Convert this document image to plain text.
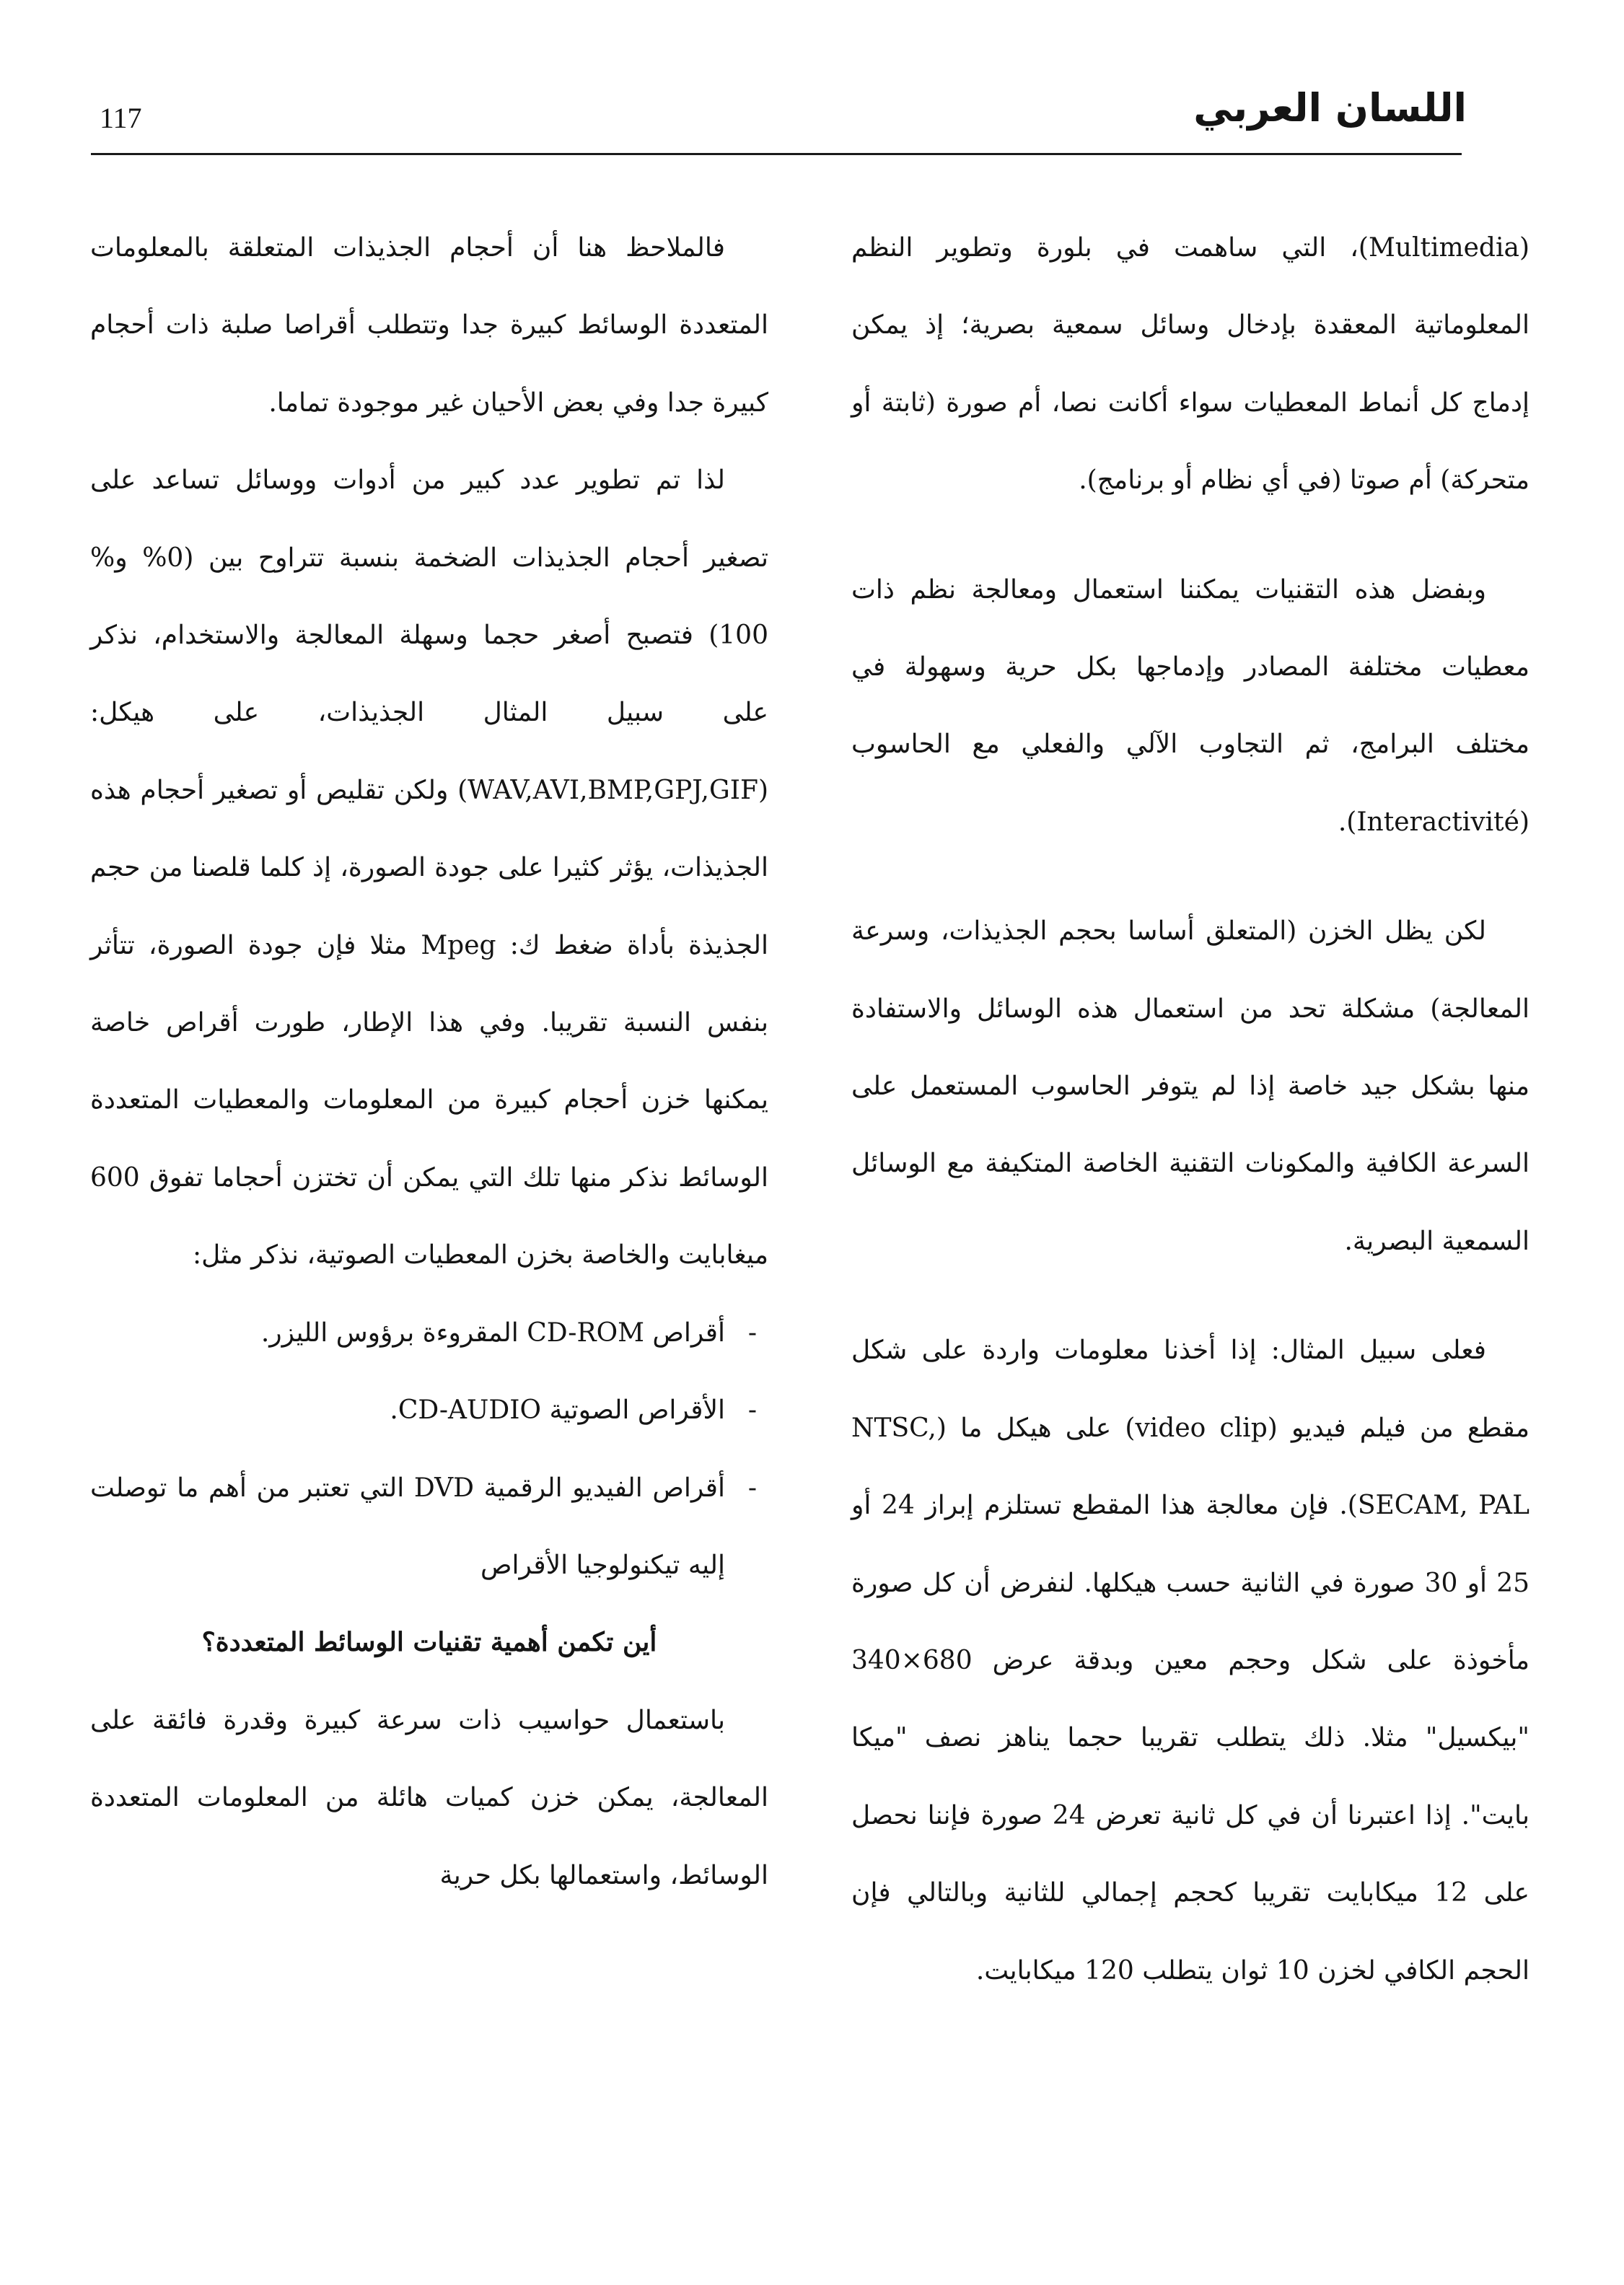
117	اللسان العربي

(Multimedia)، التي ساهمت في بلورة وتطوير النظم المعلوماتية المعقدة بإدخال وسائل سمعية بصرية؛ إذ يمكن إدماج كل أنماط المعطيات سواء أكانت نصا، أم صورة (ثابتة أو متحركة) أم صوتا (في أي نظام أو برنامج).

وبفضل هذه التقنيات يمكننا استعمال ومعالجة نظم ذات معطيات مختلفة المصادر وإدماجها بكل حرية وسهولة في مختلف البرامج، ثم التجاوب الآلي والفعلي مع الحاسوب (Interactivité).

لكن يظل الخزن (المتعلق أساسا بحجم الجذيذات، وسرعة المعالجة) مشكلة تحد من استعمال هذه الوسائل والاستفادة منها بشكل جيد خاصة إذا لم يتوفر الحاسوب المستعمل على السرعة الكافية والمكونات التقنية الخاصة المتكيفة مع الوسائل السمعية البصرية.

فعلى سبيل المثال: إذا أخذنا معلومات واردة على شكل مقطع من فيلم فيديو (video clip) على هيكل ما (NTSC, SECAM, PAL). فإن معالجة هذا المقطع تستلزم إبراز 24 أو 25 أو 30 صورة في الثانية حسب هيكلها. لنفرض أن كل صورة مأخوذة على شكل وحجم معين وبدقة عرض 680×340 "بيكسيل" مثلا. ذلك يتطلب تقريبا حجما يناهز نصف "ميكا بايت". إذا اعتبرنا أن في كل ثانية تعرض 24 صورة فإننا نحصل على 12 ميكابايت تقريبا كحجم إجمالي للثانية وبالتالي فإن الحجم الكافي لخزن 10 ثوان يتطلب 120 ميكابايت.

فالملاحظ هنا أن أحجام الجذيذات المتعلقة بالمعلومات المتعددة الوسائط كبيرة جدا وتتطلب أقراصا صلبة ذات أحجام كبيرة جدا وفي بعض الأحيان غير موجودة تماما.

لذا تم تطوير عدد كبير من أدوات ووسائل تساعد على تصغير أحجام الجذيذات الضخمة بنسبة تتراوح بين (0% و% 100) فتصبح أصغر حجما وسهلة المعالجة والاستخدام، نذكر على سبيل المثال الجذيذات، على هيكل: (WAV,AVI,BMP,GPJ,GIF) ولكن تقليص أو تصغير أحجام هذه الجذيذات، يؤثر كثيرا على جودة الصورة، إذ كلما قلصنا من حجم الجذيذة بأداة ضغط ك: Mpeg مثلا فإن جودة الصورة، تتأثر بنفس النسبة تقريبا. وفي هذا الإطار، طورت أقراص خاصة يمكنها خزن أحجام كبيرة من المعلومات والمعطيات المتعددة الوسائط نذكر منها تلك التي يمكن أن تختزن أحجاما تفوق 600 ميغابايت والخاصة بخزن المعطيات الصوتية، نذكر مثل:

-
أقراص CD-ROM المقروءة برؤوس الليزر.
-
الأقراص الصوتية CD-AUDIO.
-
أقراص الفيديو الرقمية DVD التي تعتبر من أهم ما توصلت إليه تيكنولوجيا الأقراص

أين تكمن أهمية تقنيات الوسائط المتعددة؟

باستعمال حواسيب ذات سرعة كبيرة وقدرة فائقة على المعالجة، يمكن خزن كميات هائلة من المعلومات المتعددة الوسائط، واستعمالها بكل حرية
